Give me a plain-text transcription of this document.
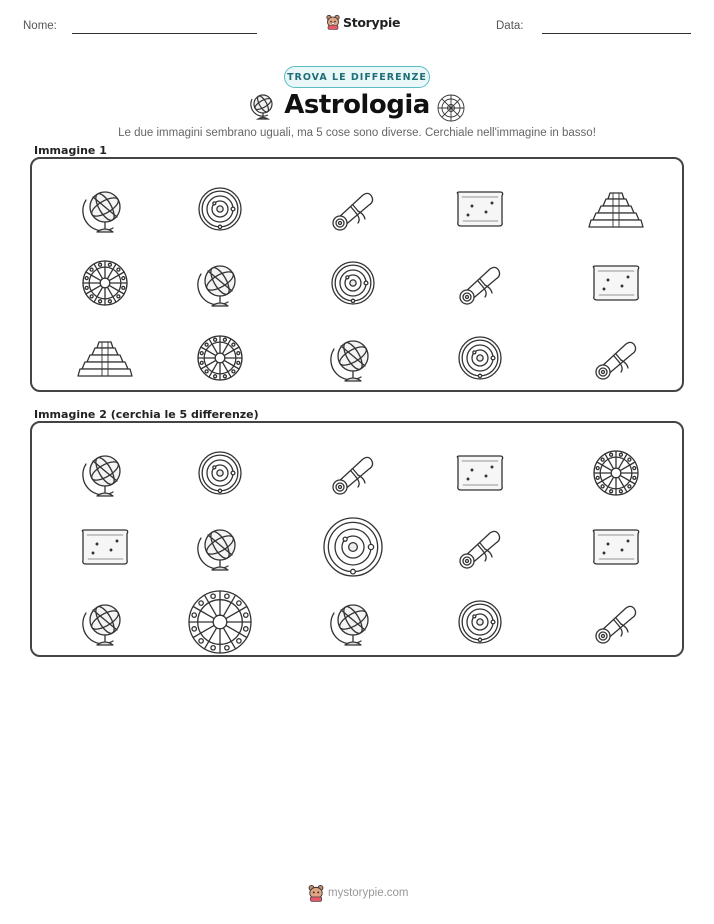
Nome:	Storypie	Data:
TROVA LE DIFFERENZE
Astrologia
Le due immagini sembrano uguali, ma 5 cose sono diverse. Cerchiale nell'immagine in basso!
Immagine 1
Immagine 2 (cerchia le 5 differenze)
mystorypie.com
